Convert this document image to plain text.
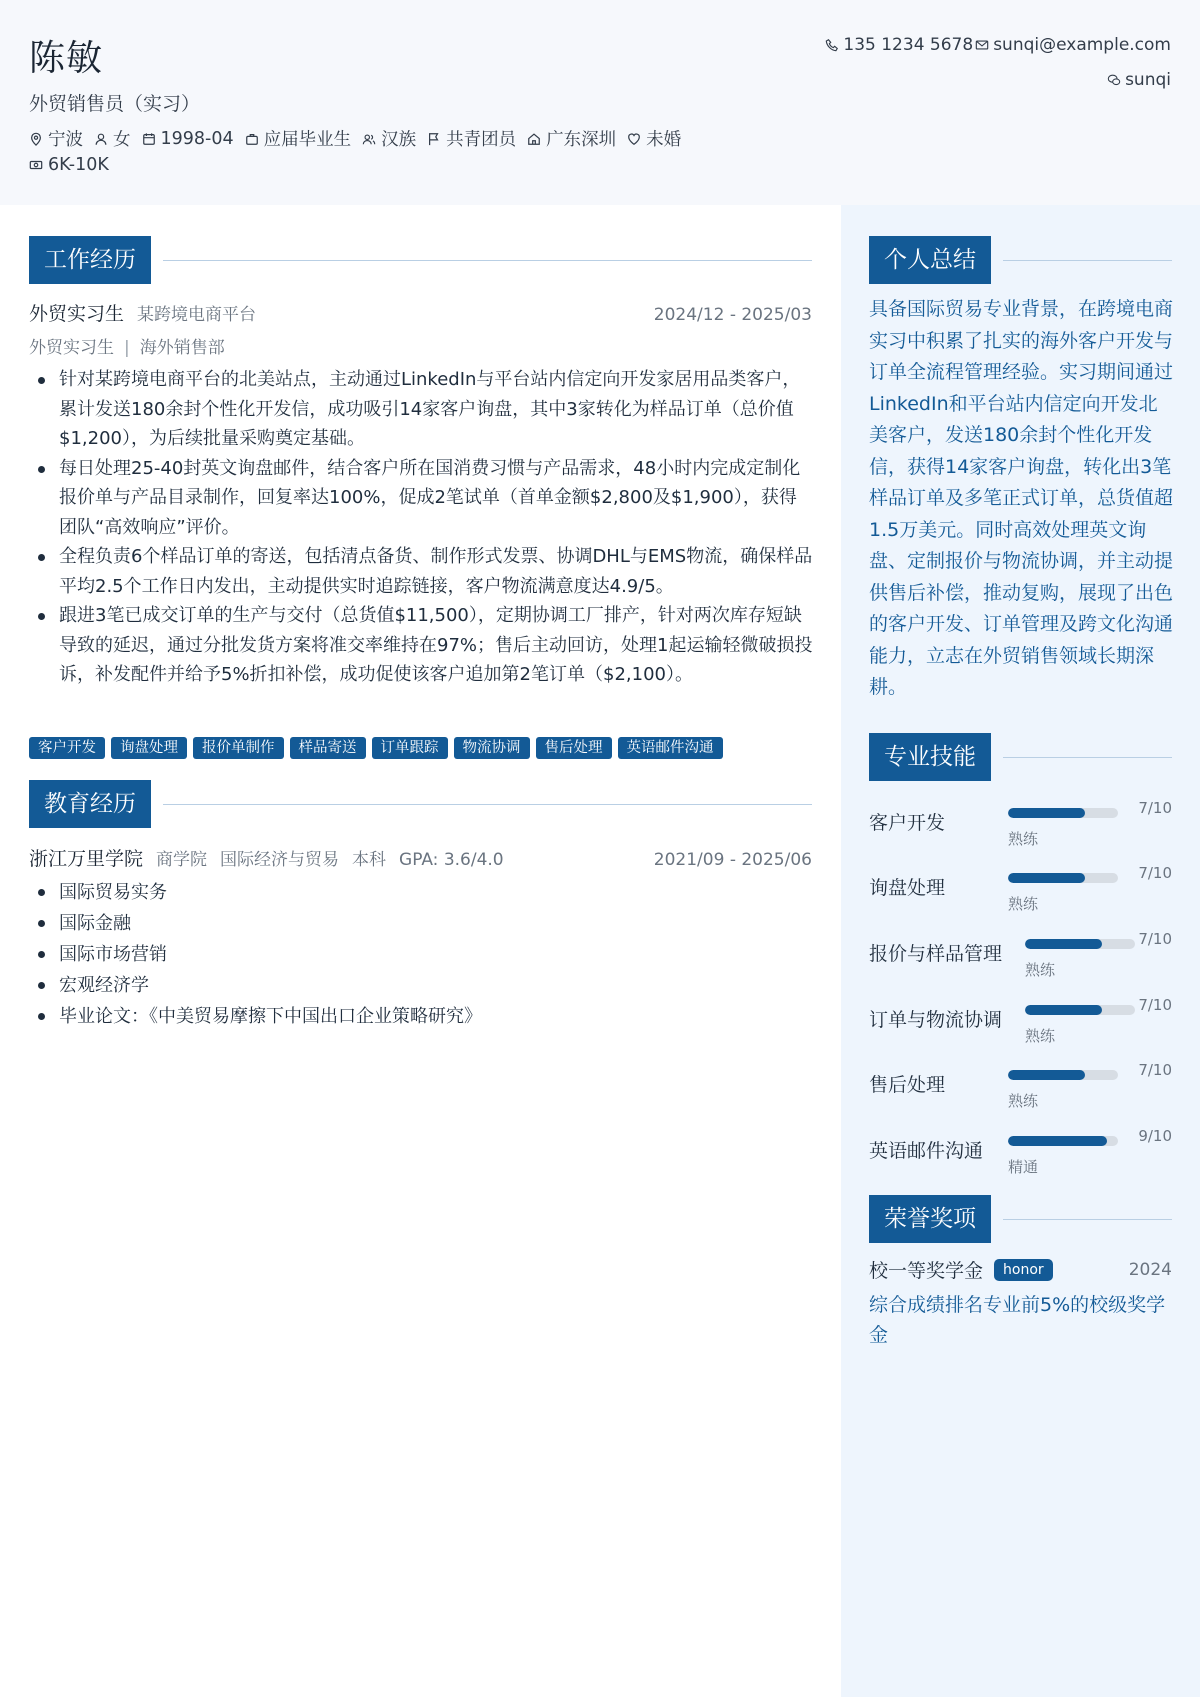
陈敏
外贸销售员（实习）
宁波 女 1998-04 应届毕业生 汉族 共青团员 广东深圳 未婚
6K-10K
135 1234 5678 sunqi@example.com
sunqi
工作经历
外贸实习生 某跨境电商平台	2024/12 - 2025/03
外贸实习生 | 海外销售部
针对某跨境电商平台的北美站点，主动通过LinkedIn与平台站内信定向开发家居用品类客户，累计发送180余封个性化开发信，成功吸引14家客户询盘，其中3家转化为样品订单（总价值$1,200），为后续批量采购奠定基础。
每日处理25-40封英文询盘邮件，结合客户所在国消费习惯与产品需求，48小时内完成定制化报价单与产品目录制作，回复率达100%，促成2笔试单（首单金额$2,800及$1,900），获得团队“高效响应”评价。
全程负责6个样品订单的寄送，包括清点备货、制作形式发票、协调DHL与EMS物流，确保样品平均2.5个工作日内发出，主动提供实时追踪链接，客户物流满意度达4.9/5。
跟进3笔已成交订单的生产与交付（总货值$11,500），定期协调工厂排产，针对两次库存短缺导致的延迟，通过分批发货方案将准交率维持在97%；售后主动回访，处理1起运输轻微破损投诉，补发配件并给予5%折扣补偿，成功促使该客户追加第2笔订单（$2,100）。
客户开发	询盘处理	报价单制作	样品寄送	订单跟踪	物流协调	售后处理	英语邮件沟通
教育经历
浙江万里学院 商学院 国际经济与贸易 本科 GPA: 3.6/4.0	2021/09 - 2025/06
国际贸易实务
国际金融
国际市场营销
宏观经济学
毕业论文：《中美贸易摩擦下中国出口企业策略研究》
个人总结
具备国际贸易专业背景，在跨境电商实习中积累了扎实的海外客户开发与订单全流程管理经验。实习期间通过LinkedIn和平台站内信定向开发北美客户，发送180余封个性化开发信，获得14家客户询盘，转化出3笔样品订单及多笔正式订单，总货值超1.5万美元。同时高效处理英文询盘、定制报价与物流协调，并主动提供售后补偿，推动复购，展现了出色的客户开发、订单管理及跨文化沟通能力，立志在外贸销售领域长期深耕。
专业技能
客户开发
7/10
熟练
询盘处理
7/10
熟练
报价与样品管理
7/10
熟练
订单与物流协调
7/10
熟练
售后处理
7/10
熟练
英语邮件沟通
9/10
精通
荣誉奖项
校一等奖学金	honor	2024
综合成绩排名专业前5%的校级奖学金
